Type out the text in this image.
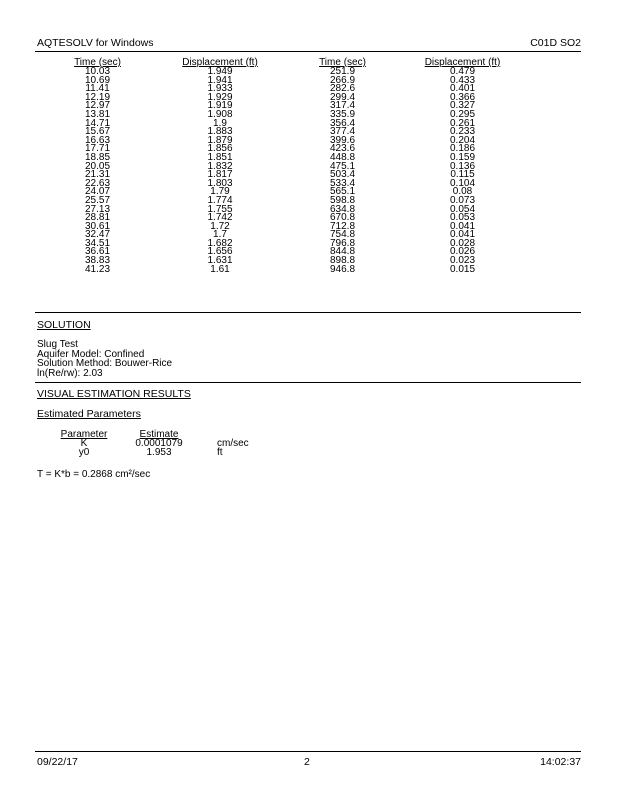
AQTESOLV for Windows	C01D SO2
Time (sec)	Displacement (ft)	Time (sec)	Displacement (ft)
10.03	1.949	251.9	0.479
10.69	1.941	266.9	0.433
11.41	1.933	282.6	0.401
12.19	1.929	299.4	0.366
12.97	1.919	317.4	0.327
13.81	1.908	335.9	0.295
14.71	1.9	356.4	0.261
15.67	1.883	377.4	0.233
16.63	1.879	399.6	0.204
17.71	1.856	423.6	0.186
18.85	1.851	448.8	0.159
20.05	1.832	475.1	0.136
21.31	1.817	503.4	0.115
22.63	1.803	533.4	0.104
24.07	1.79	565.1	0.08
25.57	1.774	598.8	0.073
27.13	1.755	634.8	0.054
28.81	1.742	670.8	0.053
30.61	1.72	712.8	0.041
32.47	1.7	754.8	0.041
34.51	1.682	796.8	0.028
36.61	1.656	844.8	0.026
38.83	1.631	898.8	0.023
41.23	1.61	946.8	0.015
SOLUTION
Slug Test
Aquifer Model: Confined
Solution Method: Bouwer-Rice
ln(Re/rw): 2.03
VISUAL ESTIMATION RESULTS
Estimated Parameters
Parameter	Estimate	
K	0.0001079	cm/sec
y0	1.953	ft
T = K*b = 0.2868 cm²/sec
09/22/17	2	14:02:37
